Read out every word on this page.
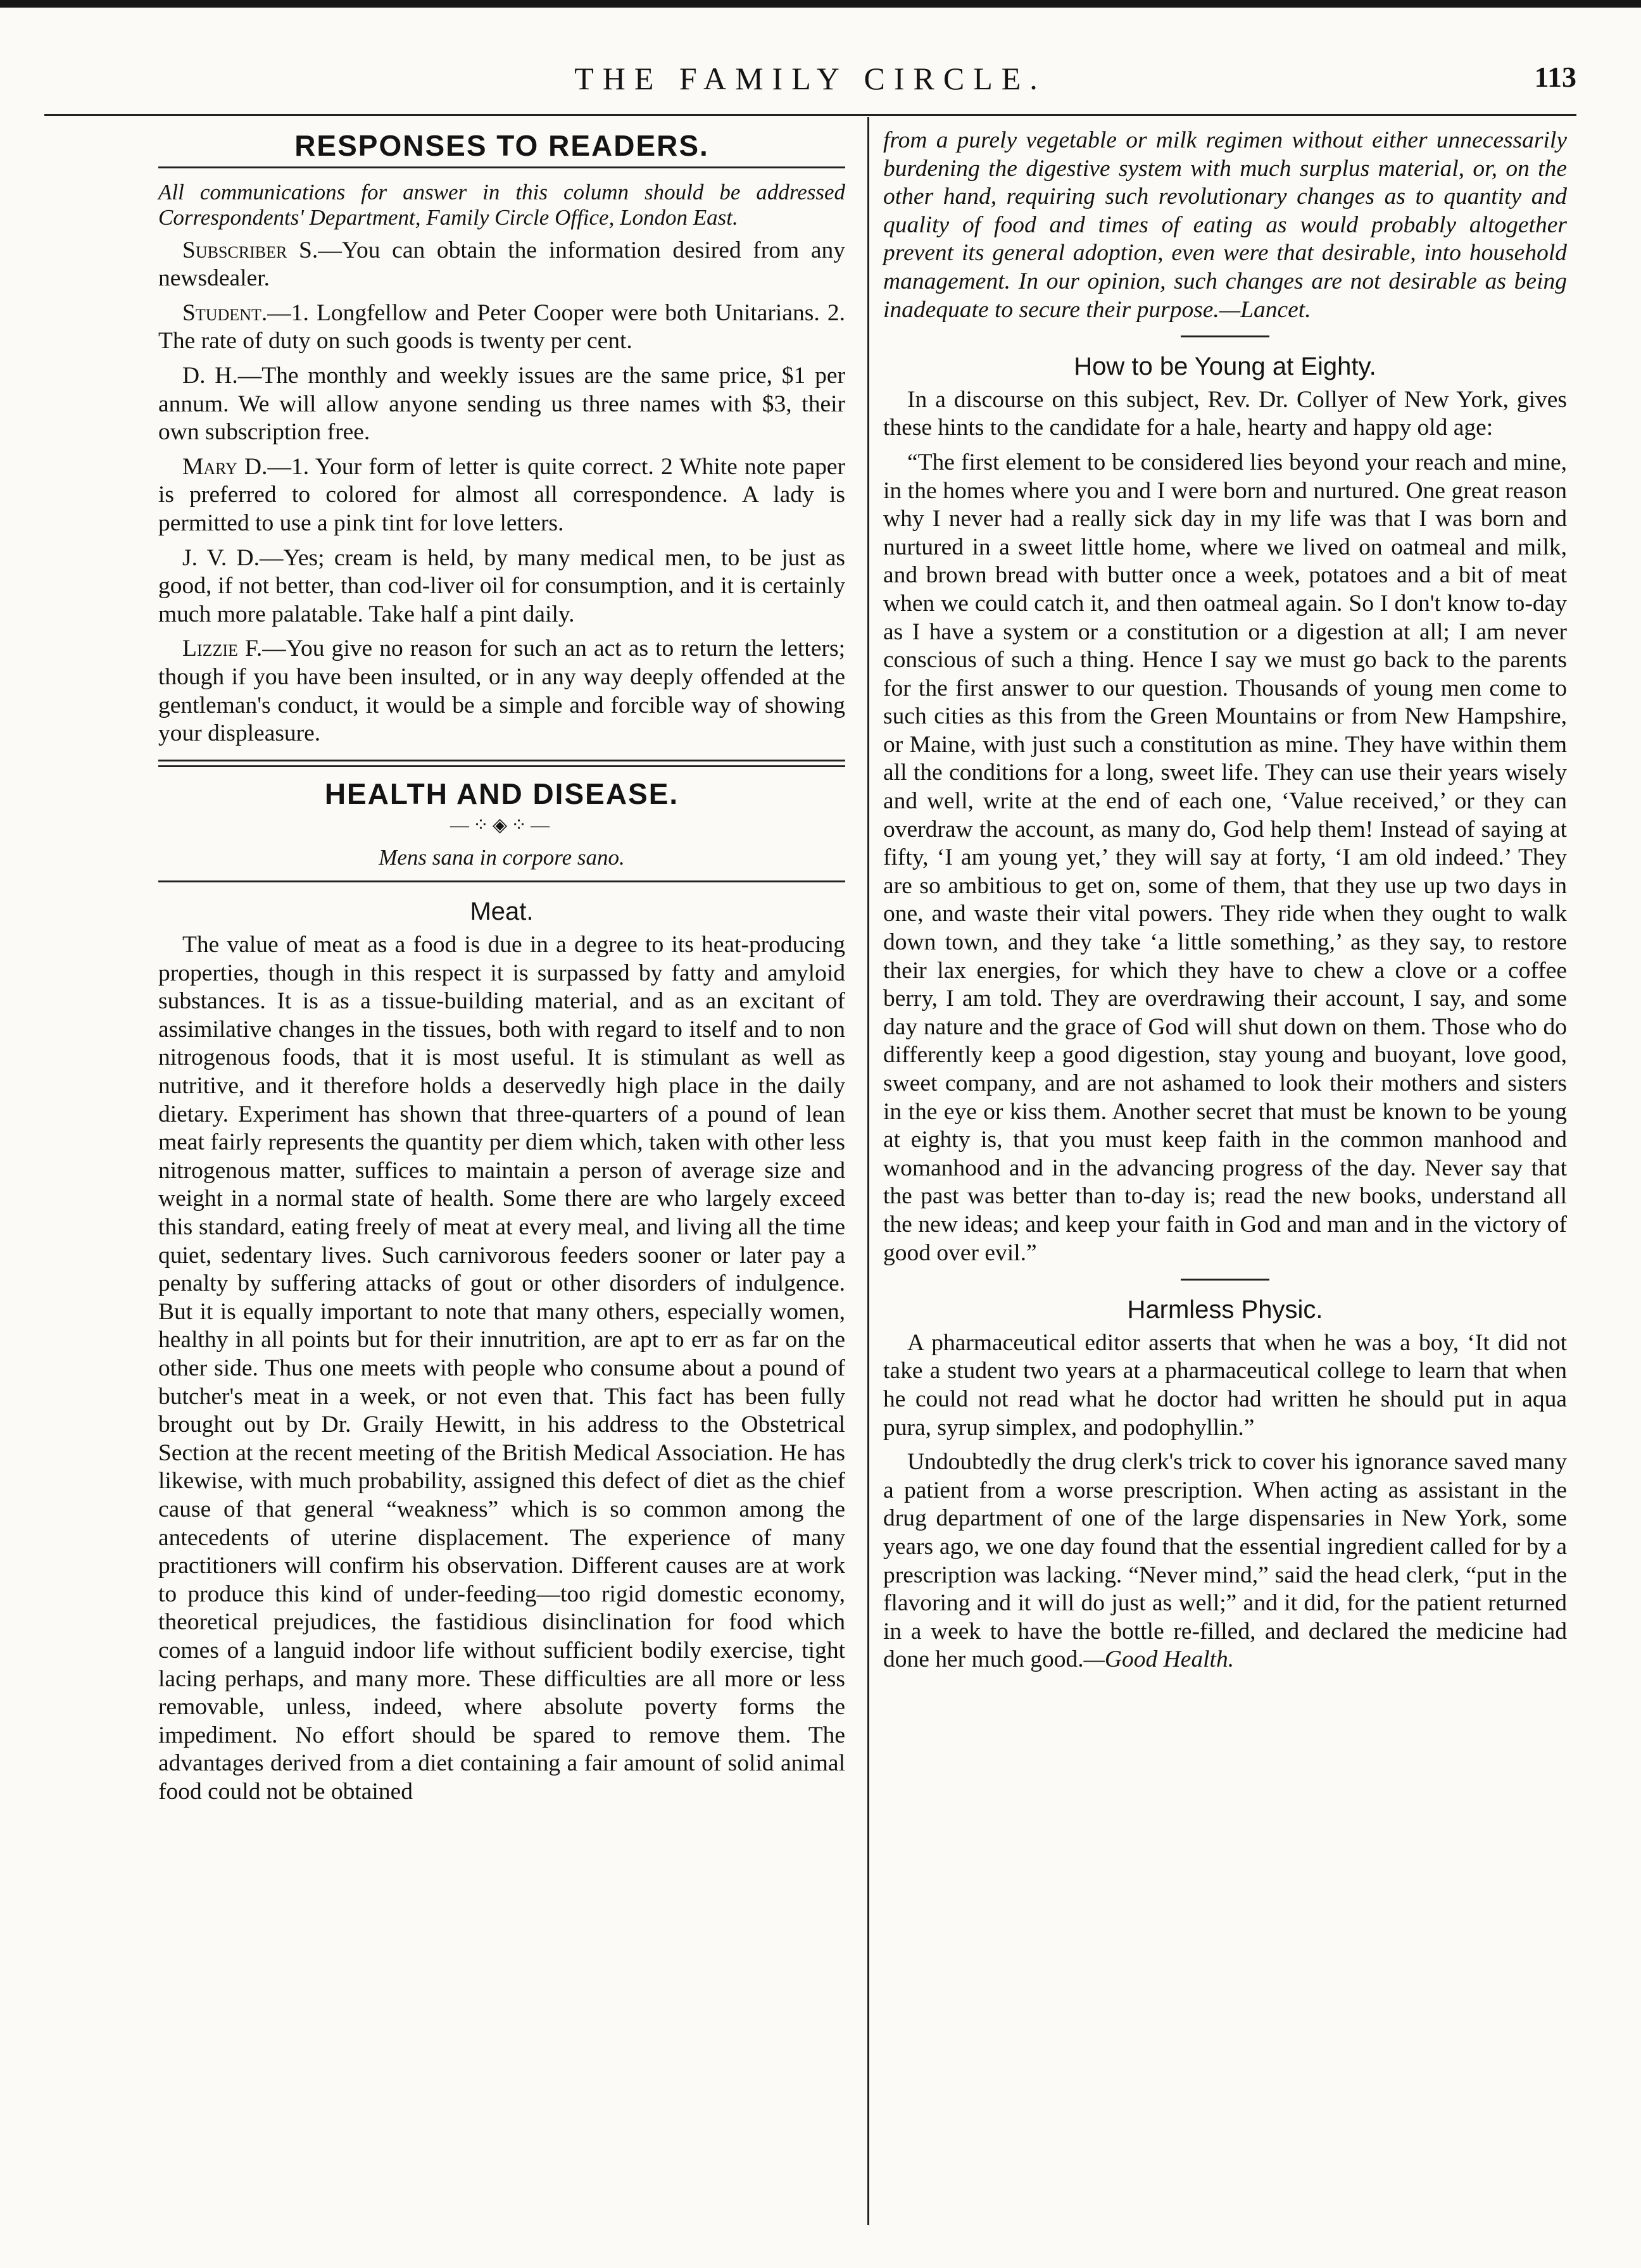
THE FAMILY CIRCLE.	113
RESPONSES TO READERS.

All communications for answer in this column should be addressed Correspondents' Department, Family Circle Office, London East.

Subscriber S.—You can obtain the information desired from any newsdealer.

Student.—1. Longfellow and Peter Cooper were both Unitarians. 2. The rate of duty on such goods is twenty per cent.

D. H.—The monthly and weekly issues are the same price, $1 per annum. We will allow anyone sending us three names with $3, their own subscription free.

Mary D.—1. Your form of letter is quite correct. 2 White note paper is preferred to colored for almost all correspondence. A lady is permitted to use a pink tint for love letters.

J. V. D.—Yes; cream is held, by many medical men, to be just as good, if not better, than cod-liver oil for consumption, and it is certainly much more palatable. Take half a pint daily.

Lizzie F.—You give no reason for such an act as to return the letters; though if you have been insulted, or in any way deeply offended at the gentleman's conduct, it would be a simple and forcible way of showing your displeasure.

HEALTH AND DISEASE.
—⁘◈⁘—
Mens sana in corpore sano.
Meat.

The value of meat as a food is due in a degree to its heat-producing properties, though in this respect it is surpassed by fatty and amyloid substances. It is as a tissue-building material, and as an excitant of assimilative changes in the tissues, both with regard to itself and to non nitrogenous foods, that it is most useful. It is stimulant as well as nutritive, and it therefore holds a deservedly high place in the daily dietary. Experiment has shown that three-quarters of a pound of lean meat fairly represents the quantity per diem which, taken with other less nitrogenous matter, suffices to maintain a person of average size and weight in a normal state of health. Some there are who largely exceed this standard, eating freely of meat at every meal, and living all the time quiet, sedentary lives. Such carnivorous feeders sooner or later pay a penalty by suffering attacks of gout or other disorders of indulgence. But it is equally important to note that many others, especially women, healthy in all points but for their innutrition, are apt to err as far on the other side. Thus one meets with people who consume about a pound of butcher's meat in a week, or not even that. This fact has been fully brought out by Dr. Graily Hewitt, in his address to the Obstetrical Section at the recent meeting of the British Medical Association. He has likewise, with much probability, assigned this defect of diet as the chief cause of that general “weakness” which is so common among the antecedents of uterine displacement. The experience of many practitioners will confirm his observation. Different causes are at work to produce this kind of under-feeding—too rigid domestic economy, theoretical prejudices, the fastidious disinclination for food which comes of a languid indoor life without sufficient bodily exercise, tight lacing perhaps, and many more. These difficulties are all more or less removable, unless, indeed, where absolute poverty forms the impediment. No effort should be spared to remove them. The advantages derived from a diet containing a fair amount of solid animal food could not be obtained

from a purely vegetable or milk regimen without either unnecessarily burdening the digestive system with much surplus material, or, on the other hand, requiring such revolutionary changes as to quantity and quality of food and times of eating as would probably altogether prevent its general adoption, even were that desirable, into household management. In our opinion, such changes are not desirable as being inadequate to secure their purpose.—Lancet.

How to be Young at Eighty.

In a discourse on this subject, Rev. Dr. Collyer of New York, gives these hints to the candidate for a hale, hearty and happy old age:

“The first element to be considered lies beyond your reach and mine, in the homes where you and I were born and nurtured. One great reason why I never had a really sick day in my life was that I was born and nurtured in a sweet little home, where we lived on oatmeal and milk, and brown bread with butter once a week, potatoes and a bit of meat when we could catch it, and then oatmeal again. So I don't know to-day as I have a system or a constitution or a digestion at all; I am never conscious of such a thing. Hence I say we must go back to the parents for the first answer to our question. Thousands of young men come to such cities as this from the Green Mountains or from New Hampshire, or Maine, with just such a constitution as mine. They have within them all the conditions for a long, sweet life. They can use their years wisely and well, write at the end of each one, ‘Value received,’ or they can overdraw the account, as many do, God help them! Instead of saying at fifty, ‘I am young yet,’ they will say at forty, ‘I am old indeed.’ They are so ambitious to get on, some of them, that they use up two days in one, and waste their vital powers. They ride when they ought to walk down town, and they take ‘a little something,’ as they say, to restore their lax energies, for which they have to chew a clove or a coffee berry, I am told. They are overdrawing their account, I say, and some day nature and the grace of God will shut down on them. Those who do differently keep a good digestion, stay young and buoyant, love good, sweet company, and are not ashamed to look their mothers and sisters in the eye or kiss them. Another secret that must be known to be young at eighty is, that you must keep faith in the common manhood and womanhood and in the advancing progress of the day. Never say that the past was better than to-day is; read the new books, understand all the new ideas; and keep your faith in God and man and in the victory of good over evil.”

Harmless Physic.

A pharmaceutical editor asserts that when he was a boy, ‘It did not take a student two years at a pharmaceutical college to learn that when he could not read what he doctor had written he should put in aqua pura, syrup simplex, and podophyllin.”

Undoubtedly the drug clerk's trick to cover his ignorance saved many a patient from a worse prescription. When acting as assistant in the drug department of one of the large dispensaries in New York, some years ago, we one day found that the essential ingredient called for by a prescription was lacking. “Never mind,” said the head clerk, “put in the flavoring and it will do just as well;” and it did, for the patient returned in a week to have the bottle re-filled, and declared the medicine had done her much good.—Good Health.
